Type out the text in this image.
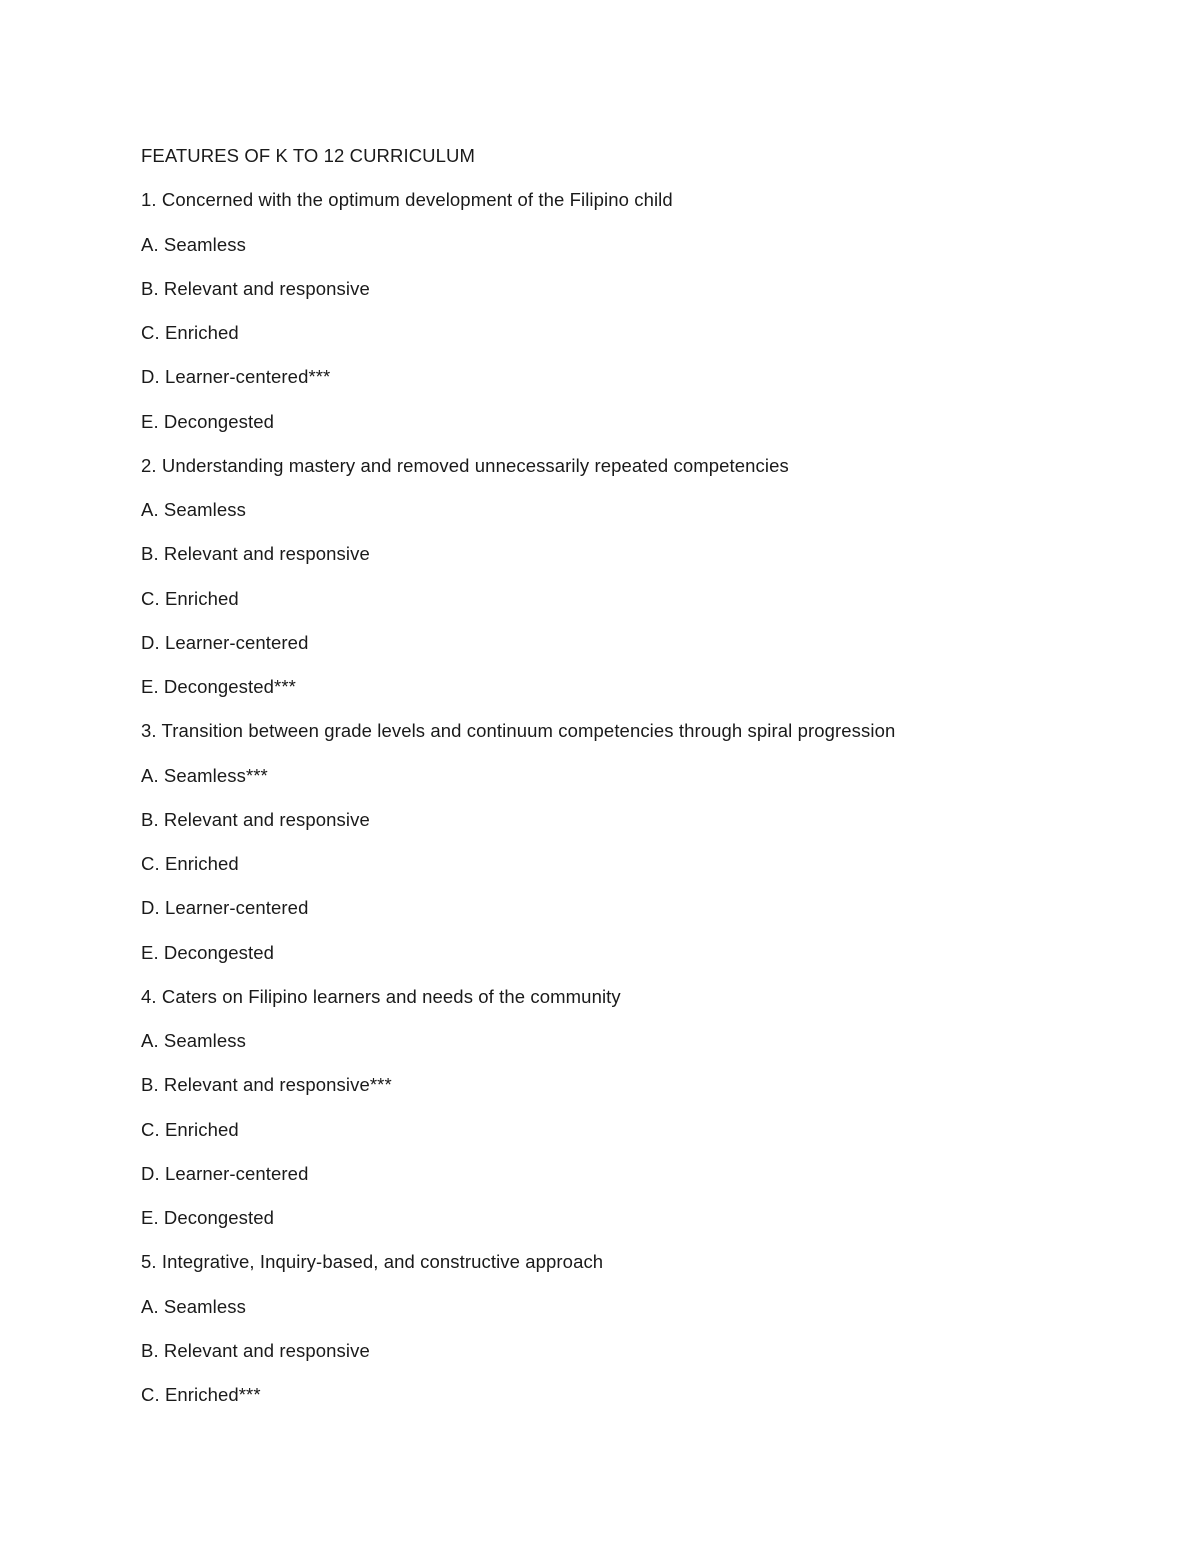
FEATURES OF K TO 12 CURRICULUM
1. Concerned with the optimum development of the Filipino child
A. Seamless
B. Relevant and responsive
C. Enriched
D. Learner-centered***
E. Decongested
2. Understanding mastery and removed unnecessarily repeated competencies
A. Seamless
B. Relevant and responsive
C. Enriched
D. Learner-centered
E. Decongested***
3. Transition between grade levels and continuum competencies through spiral progression
A. Seamless***
B. Relevant and responsive
C. Enriched
D. Learner-centered
E. Decongested
4. Caters on Filipino learners and needs of the community
A. Seamless
B. Relevant and responsive***
C. Enriched
D. Learner-centered
E. Decongested
5. Integrative, Inquiry-based, and constructive approach
A. Seamless
B. Relevant and responsive
C. Enriched***
